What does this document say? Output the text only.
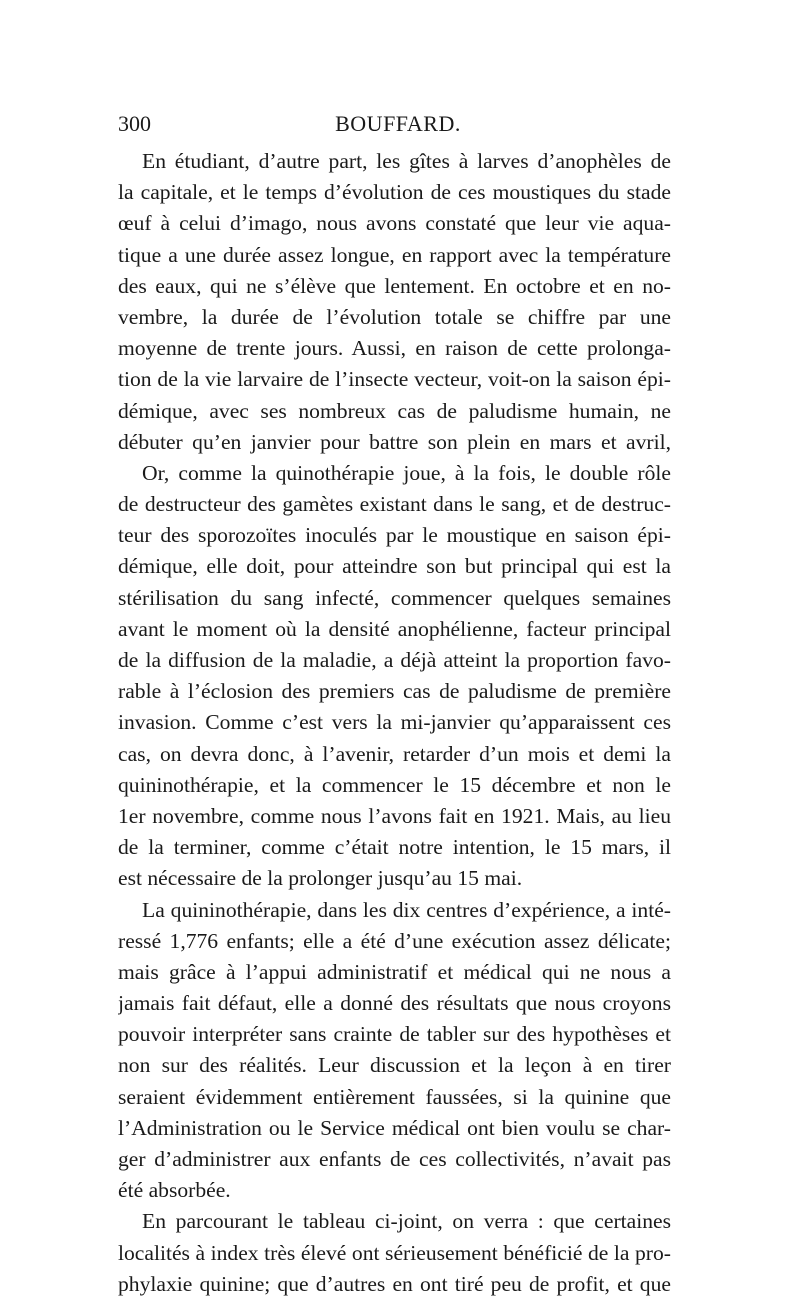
300	BOUFFARD.
En étudiant, d’autre part, les gîtes à larves d’anophèles de
la capitale, et le temps d’évolution de ces moustiques du stade
œuf à celui d’imago, nous avons constaté que leur vie aqua-
tique a une durée assez longue, en rapport avec la température
des eaux, qui ne s’élève que lentement. En octobre et en no-
vembre, la durée de l’évolution totale se chiffre par une
moyenne de trente jours. Aussi, en raison de cette prolonga-
tion de la vie larvaire de l’insecte vecteur, voit-on la saison épi-
démique, avec ses nombreux cas de paludisme humain, ne
débuter qu’en janvier pour battre son plein en mars et avril,
Or, comme la quinothérapie joue, à la fois, le double rôle
de destructeur des gamètes existant dans le sang, et de destruc-
teur des sporozoïtes inoculés par le moustique en saison épi-
démique, elle doit, pour atteindre son but principal qui est la
stérilisation du sang infecté, commencer quelques semaines
avant le moment où la densité anophélienne, facteur principal
de la diffusion de la maladie, a déjà atteint la proportion favo-
rable à l’éclosion des premiers cas de paludisme de première
invasion. Comme c’est vers la mi-janvier qu’apparaissent ces
cas, on devra donc, à l’avenir, retarder d’un mois et demi la
quininothérapie, et la commencer le 15 décembre et non le
1er novembre, comme nous l’avons fait en 1921. Mais, au lieu
de la terminer, comme c’était notre intention, le 15 mars, il
est nécessaire de la prolonger jusqu’au 15 mai.
La quininothérapie, dans les dix centres d’expérience, a inté-
ressé 1,776 enfants; elle a été d’une exécution assez délicate;
mais grâce à l’appui administratif et médical qui ne nous a
jamais fait défaut, elle a donné des résultats que nous croyons
pouvoir interpréter sans crainte de tabler sur des hypothèses et
non sur des réalités. Leur discussion et la leçon à en tirer
seraient évidemment entièrement faussées, si la quinine que
l’Administration ou le Service médical ont bien voulu se char-
ger d’administrer aux enfants de ces collectivités, n’avait pas
été absorbée.
En parcourant le tableau ci-joint, on verra : que certaines
localités à index très élevé ont sérieusement bénéficié de la pro-
phylaxie quinine; que d’autres en ont tiré peu de profit, et que
